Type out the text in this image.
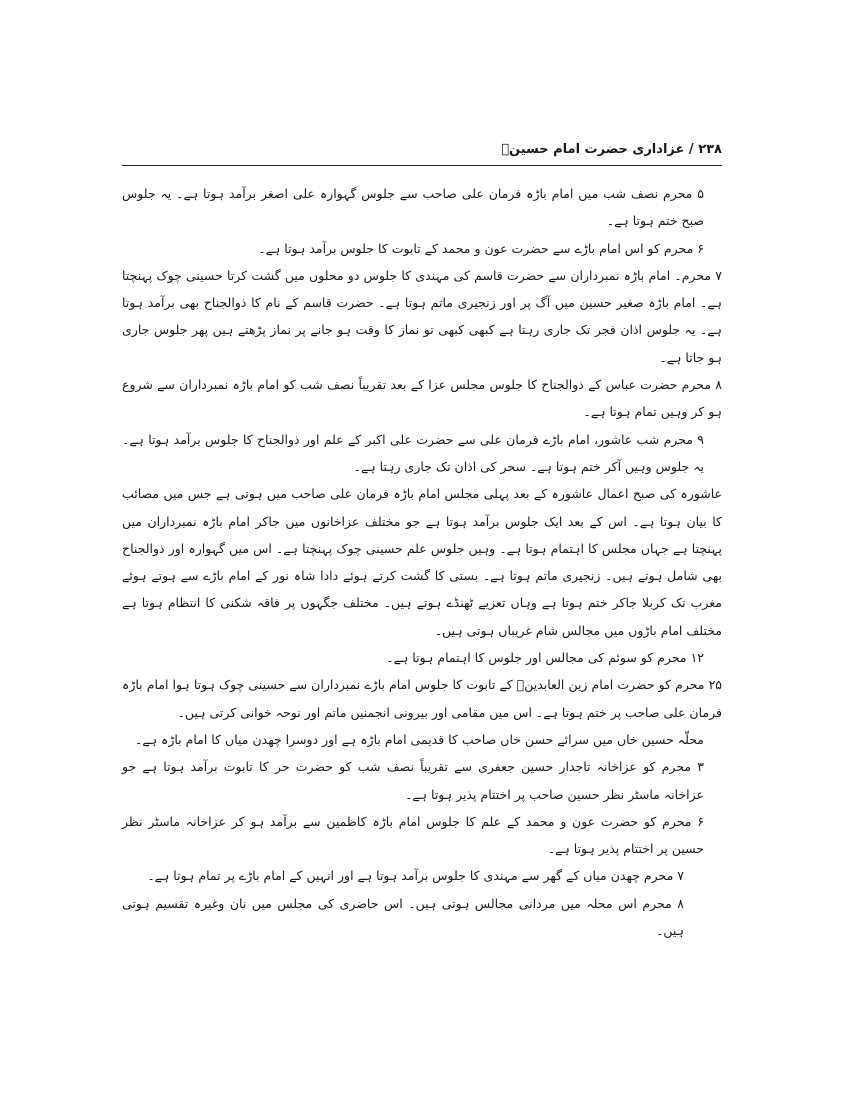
۲۳۸ / عزاداری حضرت امام حسینؑ

۵ محرم نصف شب میں امام باڑہ فرمان علی صاحب سے جلوس گہوارہ علی اصغر برآمد ہوتا ہے۔ یہ جلوس صبح ختم ہوتا ہے۔

۶ محرم کو اس امام باڑے سے حضرت عون و محمد کے تابوت کا جلوس برآمد ہوتا ہے۔

۷ محرم۔ امام باڑہ نمبرداران سے حضرت قاسم کی مہندی کا جلوس دو محلوں میں گشت کرتا حسینی چوک پہنچتا ہے۔ امام باڑہ صغیر حسین میں آگ پر اور زنجیری ماتم ہوتا ہے۔ حضرت قاسم کے نام کا ذوالجناح بھی برآمد ہوتا ہے۔ یہ جلوس اذان فجر تک جاری رہتا ہے کبھی کبھی تو نماز کا وقت ہو جانے پر نماز پڑھتے ہیں پھر جلوس جاری ہو جاتا ہے۔

۸ محرم حضرت عباس کے ذوالجناح کا جلوس مجلس عزا کے بعد تقریباً نصف شب کو امام باڑہ نمبرداران سے شروع ہو کر وہیں تمام ہوتا ہے۔

۹ محرم شب عاشور، امام باڑے فرمان علی سے حضرت علی اکبر کے علم اور ذوالجناح کا جلوس برآمد ہوتا ہے۔ یہ جلوس وہیں آکر ختم ہوتا ہے۔ سحر کی اذان تک جاری رہتا ہے۔

عاشورہ کی صبح اعمال عاشورہ کے بعد پہلی مجلس امام باڑہ فرمان علی صاحب میں ہوتی ہے جس میں مصائب کا بیان ہوتا ہے۔ اس کے بعد ایک جلوس برآمد ہوتا ہے جو مختلف عزاخانوں میں جاکر امام باڑہ نمبرداران میں پہنچتا ہے جہاں مجلس کا اہتمام ہوتا ہے۔ وہیں جلوس علم حسینی چوک پہنچتا ہے۔ اس میں گہوارہ اور ذوالجناح بھی شامل ہوتے ہیں۔ زنجیری ماتم ہوتا ہے۔ بستی کا گشت کرتے ہوئے دادا شاہ نور کے امام باڑے سے ہوتے ہوئے مغرب تک کربلا جاکر ختم ہوتا ہے وہاں تعزیے ٹھنڈے ہوتے ہیں۔ مختلف جگہوں پر فاقہ شکنی کا انتظام ہوتا ہے مختلف امام باڑوں میں مجالس شام غریباں ہوتی ہیں۔

۱۲ محرم کو سوئم کی مجالس اور جلوس کا اہتمام ہوتا ہے۔

۲۵ محرم کو حضرت امام زین العابدینؑ کے تابوت کا جلوس امام باڑے نمبرداران سے حسینی چوک ہوتا ہوا امام باڑہ فرمان علی صاحب پر ختم ہوتا ہے۔ اس میں مقامی اور بیرونی انجمنیں ماتم اور نوحہ خوانی کرتی ہیں۔

محلّہ حسین خاں میں سرائے حسن خاں صاحب کا قدیمی امام باڑہ ہے اور دوسرا چھدن میاں کا امام باڑہ ہے۔

۳ محرم کو عزاخانہ تاجدار حسین جعفری سے تقریباً نصف شب کو حضرت حر کا تابوت برآمد ہوتا ہے جو عزاخانہ ماسٹر نظر حسین صاحب پر اختتام پذیر ہوتا ہے۔

۶ محرم کو حضرت عون و محمد کے علم کا جلوس امام باڑہ کاظمین سے برآمد ہو کر عزاخانہ ماسٹر نظر حسین پر اختتام پذیر ہوتا ہے۔

۷ محرم چھدن میاں کے گھر سے مہندی کا جلوس برآمد ہوتا ہے اور انہیں کے امام باڑے پر تمام ہوتا ہے۔

۸ محرم اس محلہ میں مردانی مجالس ہوتی ہیں۔ اس حاضری کی مجلس میں نان وغیرہ تقسیم ہوتی ہیں۔
